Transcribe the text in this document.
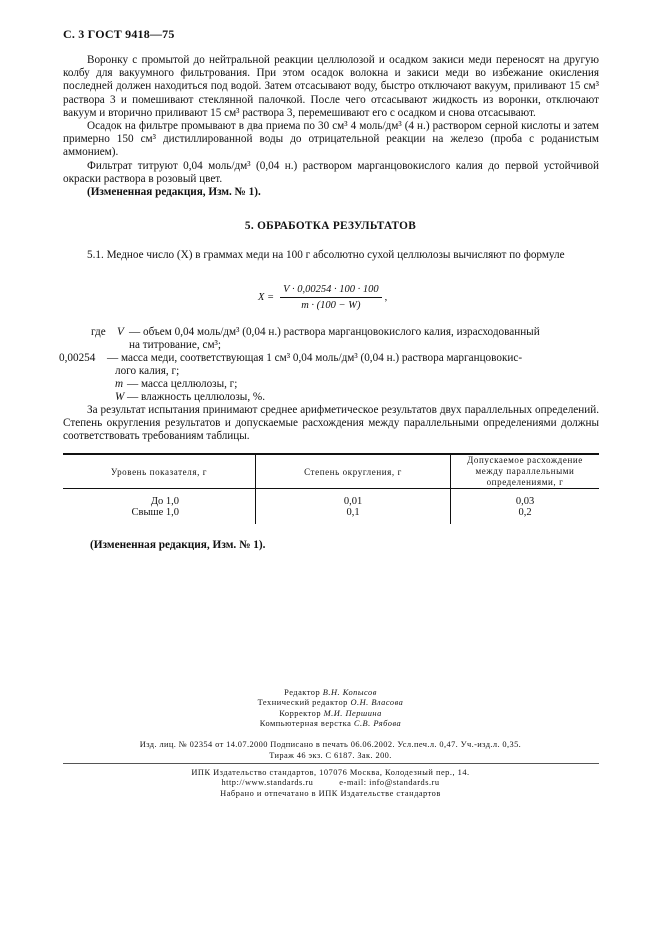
С. 3 ГОСТ 9418—75

Воронку с промытой до нейтральной реакции целлюлозой и осадком закиси меди переносят на другую колбу для вакуумного фильтрования. При этом осадок волокна и закиси меди во избежание окисления последней должен находиться под водой. Затем отсасывают воду, быстро отключают вакуум, приливают 15 см³ раствора 3 и помешивают стеклянной палочкой. После чего отсасывают жидкость из воронки, отключают вакуум и вторично приливают 15 см³ раствора 3, перемешивают его с осадком и снова отсасывают.

Осадок на фильтре промывают в два приема по 30 см³ 4 моль/дм³ (4 н.) раствором серной кислоты и затем примерно 150 см³ дистиллированной воды до отрицательной реакции на железо (проба с роданистым аммонием).

Фильтрат титруют 0,04 моль/дм³ (0,04 н.) раствором марганцовокислого калия до первой устойчивой окраски раствора в розовый цвет.

(Измененная редакция, Изм. № 1).

5. ОБРАБОТКА РЕЗУЛЬТАТОВ

5.1. Медное число (X) в граммах меди на 100 г абсолютно сухой целлюлозы вычисляют по формуле

$X = \frac{V \cdot 0,00254 \cdot 100 \cdot 100}{m \cdot (100 - W)}$ ,
где V — объем 0,04 моль/дм³ (0,04 н.) раствора марганцовокислого калия, израсходованный
на титрование, см³;
0,00254 — масса меди, соответствующая 1 см³ 0,04 моль/дм³ (0,04 н.) раствора марганцовокис-
лого калия, г;
m — масса целлюлозы, г;
W — влажность целлюлозы, %.

За результат испытания принимают среднее арифметическое результатов двух параллельных определений. Степень округления результатов и допускаемые расхождения между параллельными определениями должны соответствовать требованиям таблицы.

Уровень показателя, г	Степень округления, г	Допускаемое расхождение между параллельными определениями, г
До 1,0	0,01	0,03
Свыше 1,0	0,1	0,2
(Измененная редакция, Изм. № 1).
Редактор В.Н. Копысов
Технический редактор О.Н. Власова
Корректор М.И. Першина
Компьютерная верстка С.В. Рябова
Изд. лиц. № 02354 от 14.07.2000 Подписано в печать 06.06.2002. Усл.печ.л. 0,47. Уч.-изд.л. 0,35.
Тираж 46 экз. С 6187. Зак. 200.
ИПК Издательство стандартов, 107076 Москва, Колодезный пер., 14.
http://www.standards.ru          e-mail: info@standards.ru
Набрано и отпечатано в ИПК Издательстве стандартов
